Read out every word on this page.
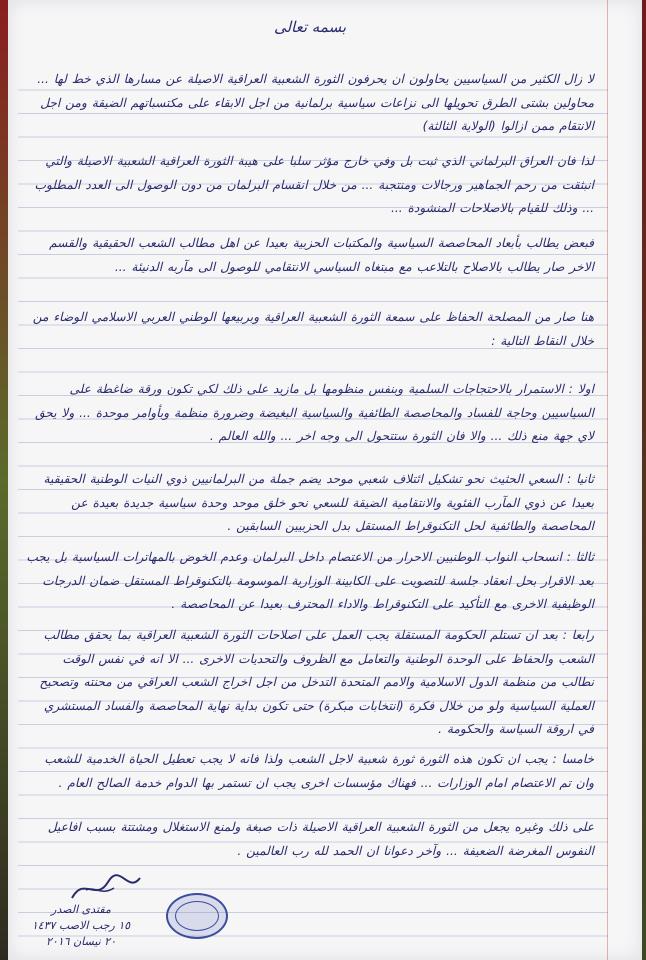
بسمه تعالى
لا زال الكثير من السياسيين يحاولون ان يحرفون الثورة الشعبية العراقية الاصيلة عن مسارها الذي خط لها ... محاولين بشتى الطرق تحويلها الى نزاعات سياسية برلمانية من اجل الابقاء على مكتسباتهم الضيقة ومن اجل الانتقام ممن ازالوا (الولاية الثالثة)
لذا فان العراق البرلماني الذي ثبت بل وفي خارج مؤثر سلبا على هيبة الثورة العراقية الشعبية الاصيلة والتي انبثقت من رحم الجماهير ورجالات ومنتجبة ... من خلال انقسام البرلمان من دون الوصول الى العدد المطلوب ... وذلك للقيام بالاصلاحات المنشودة ...
فبعض يطالب بأبعاد المحاصصة السياسية والمكتبات الحزبية بعيدا عن اهل مطالب الشعب الحقيقية والقسم الاخر صار يطالب بالاصلاح بالتلاعب مع مبتغاه السياسي الانتقامي للوصول الى مآربه الدنيئة ...
هنا صار من المصلحة الحفاظ على سمعة الثورة الشعبية العراقية وبربيعها الوطني العربي الاسلامي الوضاء من خلال النقاط التالية :
اولا : الاستمرار بالاحتجاجات السلمية وبنفس منظومها بل مازيد على ذلك لكي تكون ورقة ضاغطة على السياسيين وحاجة للفساد والمحاصصة الطائفية والسياسية البغيضة وضرورة منظمة وبأوامر موحدة ... ولا يحق لاي جهة منع ذلك ... والا فان الثورة ستتحول الى وجه اخر ... والله العالم .
ثانيا : السعي الحثيث نحو تشكيل ائتلاف شعبي موحد يضم جملة من البرلمانيين ذوي النيات الوطنية الحقيقية بعيدا عن ذوي المآرب الفئوية والانتقامية الضيقة للسعي نحو خلق موحد وحدة سياسية جديدة بعيدة عن المحاصصة والطائفية لحل التكنوقراط المستقل بدل الحزبيين السابقين .
ثالثا : انسحاب النواب الوطنيين الاحرار من الاعتصام داخل البرلمان وعدم الخوض بالمهاترات السياسية بل يجب بعد الاقرار بحل انعقاد جلسة للتصويت على الكابينة الوزارية الموسومة بالتكنوقراط المستقل ضمان الدرجات الوظيفية الاخرى مع التأكيد على التكنوقراط والاداء المحترف بعيدا عن المحاصصة .
رابعا : بعد ان تستلم الحكومة المستقلة يجب العمل على اصلاحات الثورة الشعبية العراقية بما يحقق مطالب الشعب والحفاظ على الوحدة الوطنية والتعامل مع الظروف والتحديات الاخرى ... الا انه في نفس الوقت نطالب من منظمة الدول الاسلامية والامم المتحدة التدخل من اجل اخراج الشعب العراقي من محنته وتصحيح العملية السياسية ولو من خلال فكرة (انتخابات مبكرة) حتى تكون بداية نهاية المحاصصة والفساد المستشري في اروقة السياسة والحكومة .
خامسا : يجب ان تكون هذه الثورة ثورة شعبية لاجل الشعب ولذا فانه لا يجب تعطيل الحياة الخدمية للشعب وان تم الاعتصام امام الوزارات ... فهناك مؤسسات اخرى يجب ان تستمر بها الدوام خدمة الصالح العام .
على ذلك وغيره يجعل من الثورة الشعبية العراقية الاصيلة ذات صبغة ولمنع الاستغلال ومشتتة بسبب افاعيل النفوس المغرضة الضعيفة ... وآخر دعوانا ان الحمد لله رب العالمين .
مقتدى الصدر
١٥ رجب الاصب ١٤٣٧
٢٠ نيسان ٢٠١٦
